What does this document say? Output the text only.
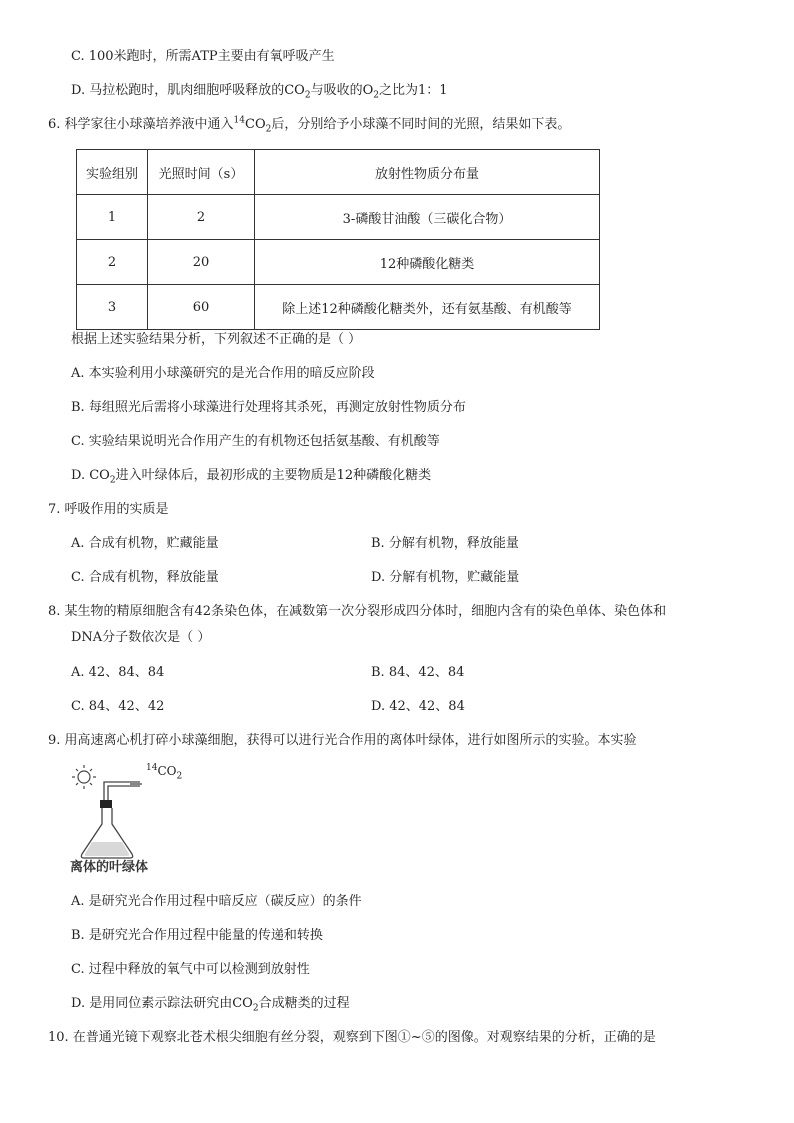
C. 100米跑时，所需ATP主要由有氧呼吸产生
D. 马拉松跑时，肌肉细胞呼吸释放的$CO_2$与吸收的$O_2$之比为1：1
6. 科学家往小球藻培养液中通入$^{14}CO_2$后，分别给予小球藻不同时间的光照，结果如下表。
实验组别	光照时间（s）	放射性物质分布量
1	2	3-磷酸甘油酸（三碳化合物）
2	20	12种磷酸化糖类
3	60	除上述12种磷酸化糖类外，还有氨基酸、有机酸等
根据上述实验结果分析，下列叙述不正确的是（ ）
A. 本实验利用小球藻研究的是光合作用的暗反应阶段
B. 每组照光后需将小球藻进行处理将其杀死，再测定放射性物质分布
C. 实验结果说明光合作用产生的有机物还包括氨基酸、有机酸等
D. $CO_2$进入叶绿体后，最初形成的主要物质是12种磷酸化糖类
7. 呼吸作用的实质是
A. 合成有机物，贮藏能量	B. 分解有机物，释放能量
C. 合成有机物，释放能量	D. 分解有机物，贮藏能量
8. 某生物的精原细胞含有42条染色体，在减数第一次分裂形成四分体时，细胞内含有的染色单体、染色体和
DNA分子数依次是（ ）
A. 42、84、84	B. 84、42、84
C. 84、42、42	D. 42、42、84
9. 用高速离心机打碎小球藻细胞，获得可以进行光合作用的离体叶绿体，进行如图所示的实验。本实验
$^{14}CO_2$
离体的叶绿体
A. 是研究光合作用过程中暗反应（碳反应）的条件
B. 是研究光合作用过程中能量的传递和转换
C. 过程中释放的氧气中可以检测到放射性
D. 是用同位素示踪法研究由$CO_2$合成糖类的过程
10. 在普通光镜下观察北苍术根尖细胞有丝分裂，观察到下图①~⑤的图像。对观察结果的分析，正确的是
